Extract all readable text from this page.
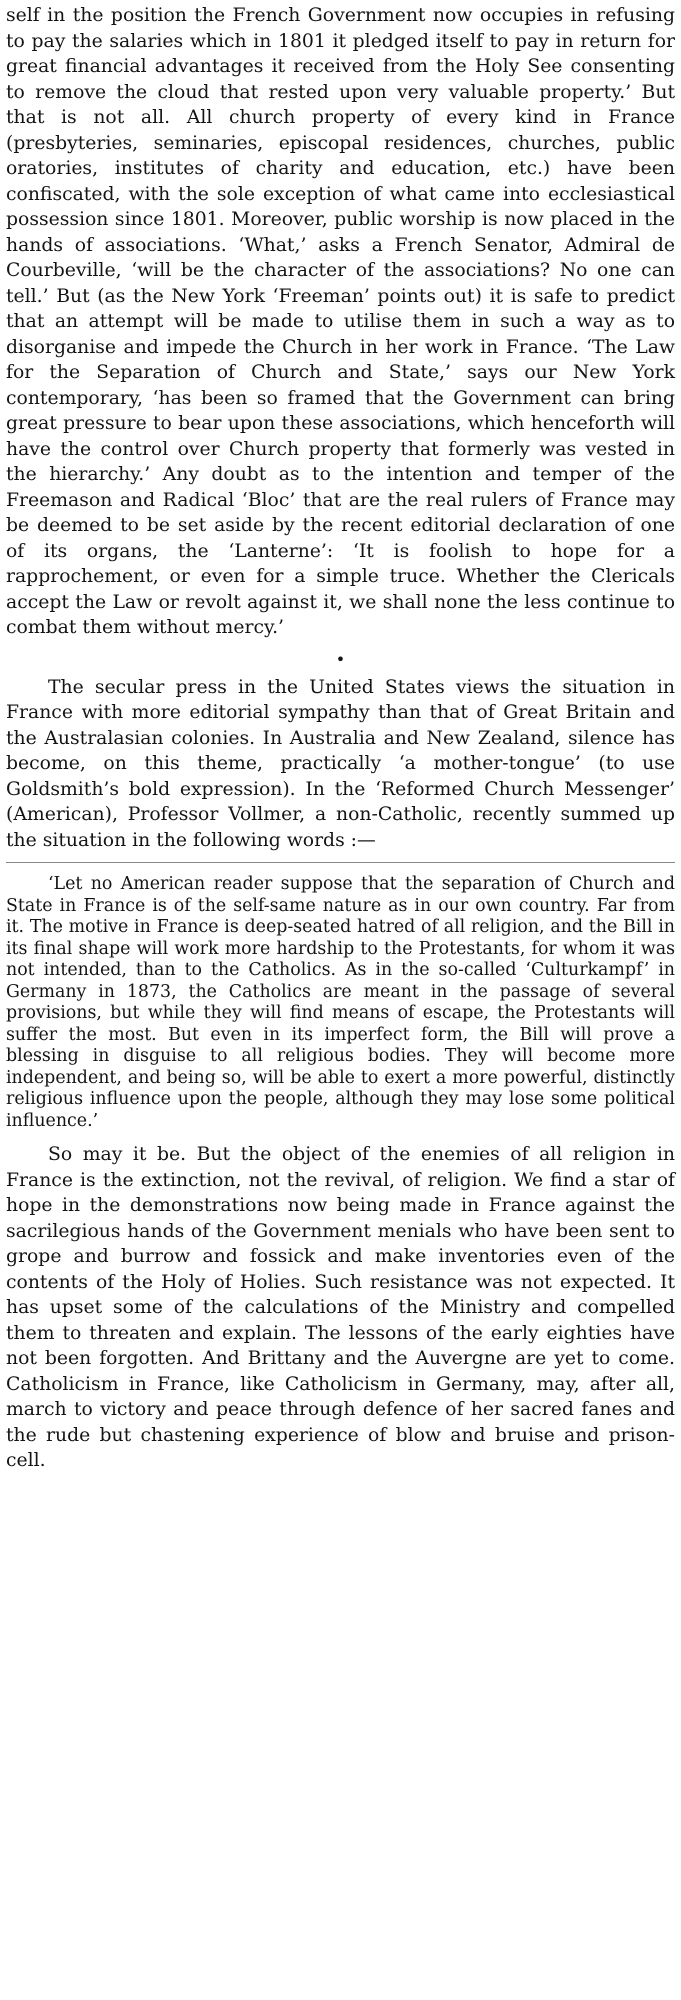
self in the position the French Government now occupies in refusing to pay the salaries which in 1801 it pledged itself to pay in return for great financial advantages it received from the Holy See consenting to remove the cloud that rested upon very valuable property.’ But that is not all. All church property of every kind in France (presbyteries, seminaries, episcopal residences, churches, public oratories, institutes of charity and education, etc.) have been confiscated, with the sole exception of what came into ecclesiastical possession since 1801. Moreover, public worship is now placed in the hands of associations. ‘What,’ asks a French Senator, Admiral de Courbeville, ‘will be the character of the associations? No one can tell.’ But (as the New York ‘Freeman’ points out) it is safe to predict that an attempt will be made to utilise them in such a way as to disorganise and impede the Church in her work in France. ‘The Law for the Separation of Church and State,’ says our New York contemporary, ‘has been so framed that the Government can bring great pressure to bear upon these associations, which henceforth will have the control over Church property that formerly was vested in the hierarchy.’ Any doubt as to the intention and temper of the Freemason and Radical ‘Bloc’ that are the real rulers of France may be deemed to be set aside by the recent editorial declaration of one of its organs, the ‘Lanterne’: ‘It is foolish to hope for a rapprochement, or even for a simple truce. Whether the Clericals accept the Law or revolt against it, we shall none the less continue to combat them without mercy.’

•

The secular press in the United States views the situation in France with more editorial sympathy than that of Great Britain and the Australasian colonies. In Australia and New Zealand, silence has become, on this theme, practically ‘a mother-tongue’ (to use Goldsmith’s bold expression). In the ‘Reformed Church Messenger’ (American), Professor Vollmer, a non-Catholic, recently summed up the situation in the following words :—

‘Let no American reader suppose that the separation of Church and State in France is of the self-same nature as in our own country. Far from it. The motive in France is deep-seated hatred of all religion, and the Bill in its final shape will work more hardship to the Protestants, for whom it was not intended, than to the Catholics. As in the so-called ‘Culturkampf’ in Germany in 1873, the Catholics are meant in the passage of several provisions, but while they will find means of escape, the Protestants will suffer the most. But even in its imperfect form, the Bill will prove a blessing in disguise to all religious bodies. They will become more independent, and being so, will be able to exert a more powerful, distinctly religious influence upon the people, although they may lose some political influence.’

So may it be. But the object of the enemies of all religion in France is the extinction, not the revival, of religion. We find a star of hope in the demonstrations now being made in France against the sacrilegious hands of the Government menials who have been sent to grope and burrow and fossick and make inventories even of the contents of the Holy of Holies. Such resistance was not expected. It has upset some of the calculations of the Ministry and compelled them to threaten and explain. The lessons of the early eighties have not been forgotten. And Brittany and the Auvergne are yet to come. Catholicism in France, like Catholicism in Germany, may, after all, march to victory and peace through defence of her sacred fanes and the rude but chastening experience of blow and bruise and prison-cell.
